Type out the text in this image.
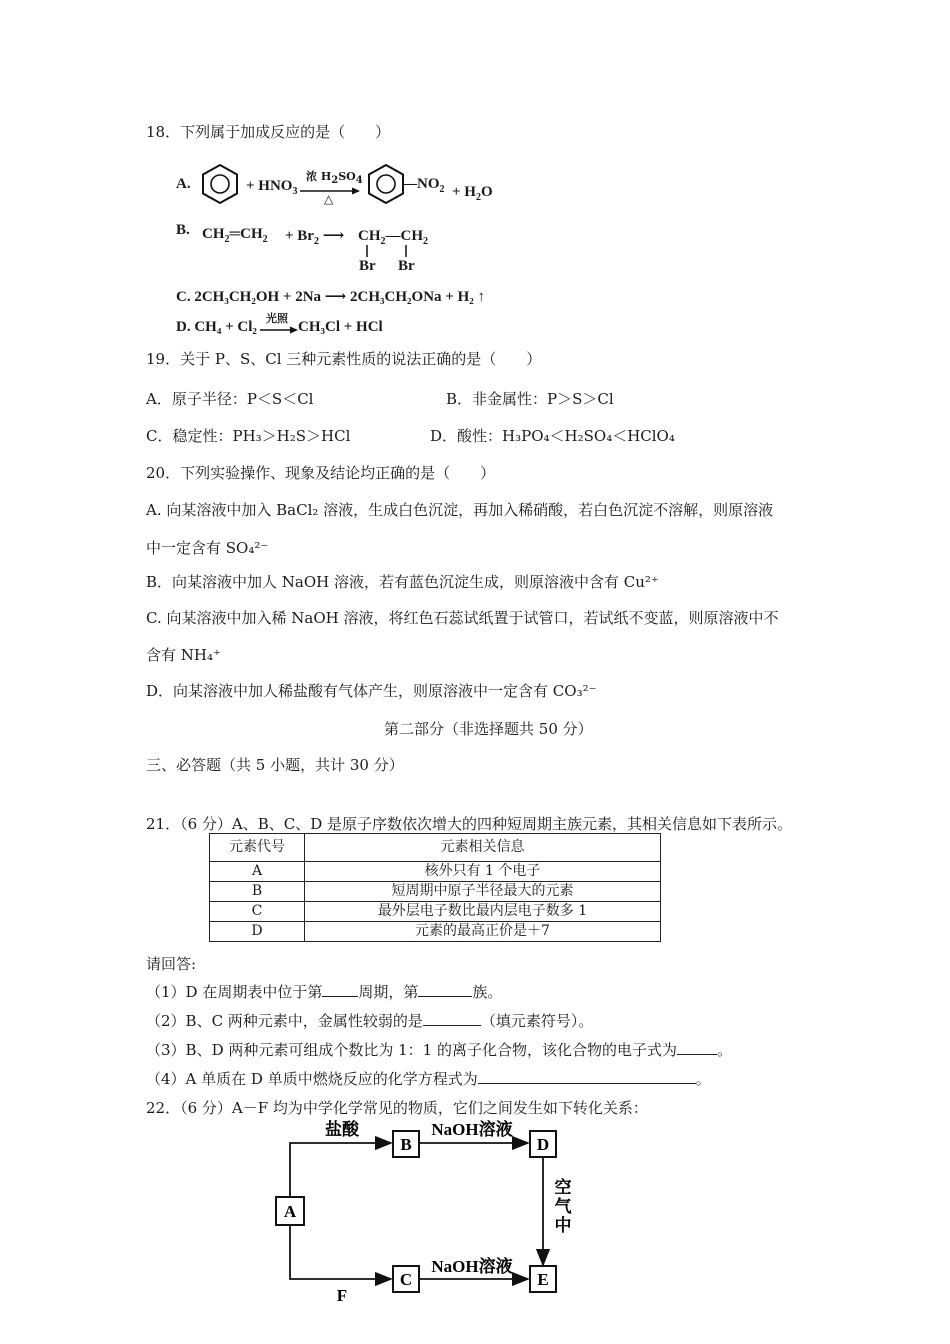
18．下列属于加成反应的是（　　）
A.	+ $HNO_3$
浓 $H_2SO_4$
△
$—NO_2 + H_2O$
B. $CH_2═CH_2 + Br_2$ ⟶ $CH_2—CH_2$
Br Br
C. 2CH₃CH₂OH + 2Na ⟶ 2CH₃CH₂ONa + H₂ ↑
D. CH₄ + Cl₂
光照
CH₃Cl + HCl
19．关于 P、S、Cl 三种元素性质的说法正确的是（　　）
A．原子半径：P＜S＜Cl	B．非金属性：P＞S＞Cl
C．稳定性：PH₃＞H₂S＞HCl	D．酸性：H₃PO₄＜H₂SO₄＜HClO₄
20．下列实验操作、现象及结论均正确的是（　　）
A. 向某溶液中加入 BaCl₂ 溶液，生成白色沉淀，再加入稀硝酸，若白色沉淀不溶解，则原溶液
中一定含有 SO₄²⁻
B．向某溶液中加人 NaOH 溶液，若有蓝色沉淀生成，则原溶液中含有 Cu²⁺
C. 向某溶液中加入稀 NaOH 溶液，将红色石蕊试纸置于试管口，若试纸不变蓝，则原溶液中不
含有 NH₄⁺
D．向某溶液中加人稀盐酸有气体产生，则原溶液中一定含有 CO₃²⁻
第二部分（非选择题共 50 分）
三、必答题（共 5 小题，共计 30 分）
21．（6 分）A、B、C、D 是原子序数依次增大的四种短周期主族元素，其相关信息如下表所示。
元素代号	元素相关信息
A	核外只有 1 个电子
B	短周期中原子半径最大的元素
C	最外层电子数比最内层电子数多 1
D	元素的最高正价是＋7
请回答:
（1）D 在周期表中位于第 周期，第	族。
（2）B、C 两种元素中，金属性较弱的是	（填元素符号）。
（3）B、D 两种元素可组成个数比为 1：1 的离子化合物，该化合物的电子式为	。
（4）A 单质在 D 单质中燃烧反应的化学方程式为	。
22．（6 分）A－F 均为中学化学常见的物质，它们之间发生如下转化关系：
A
B
C
D
E
盐酸	NaOH溶液
NaOH溶液
F
空
气
中
